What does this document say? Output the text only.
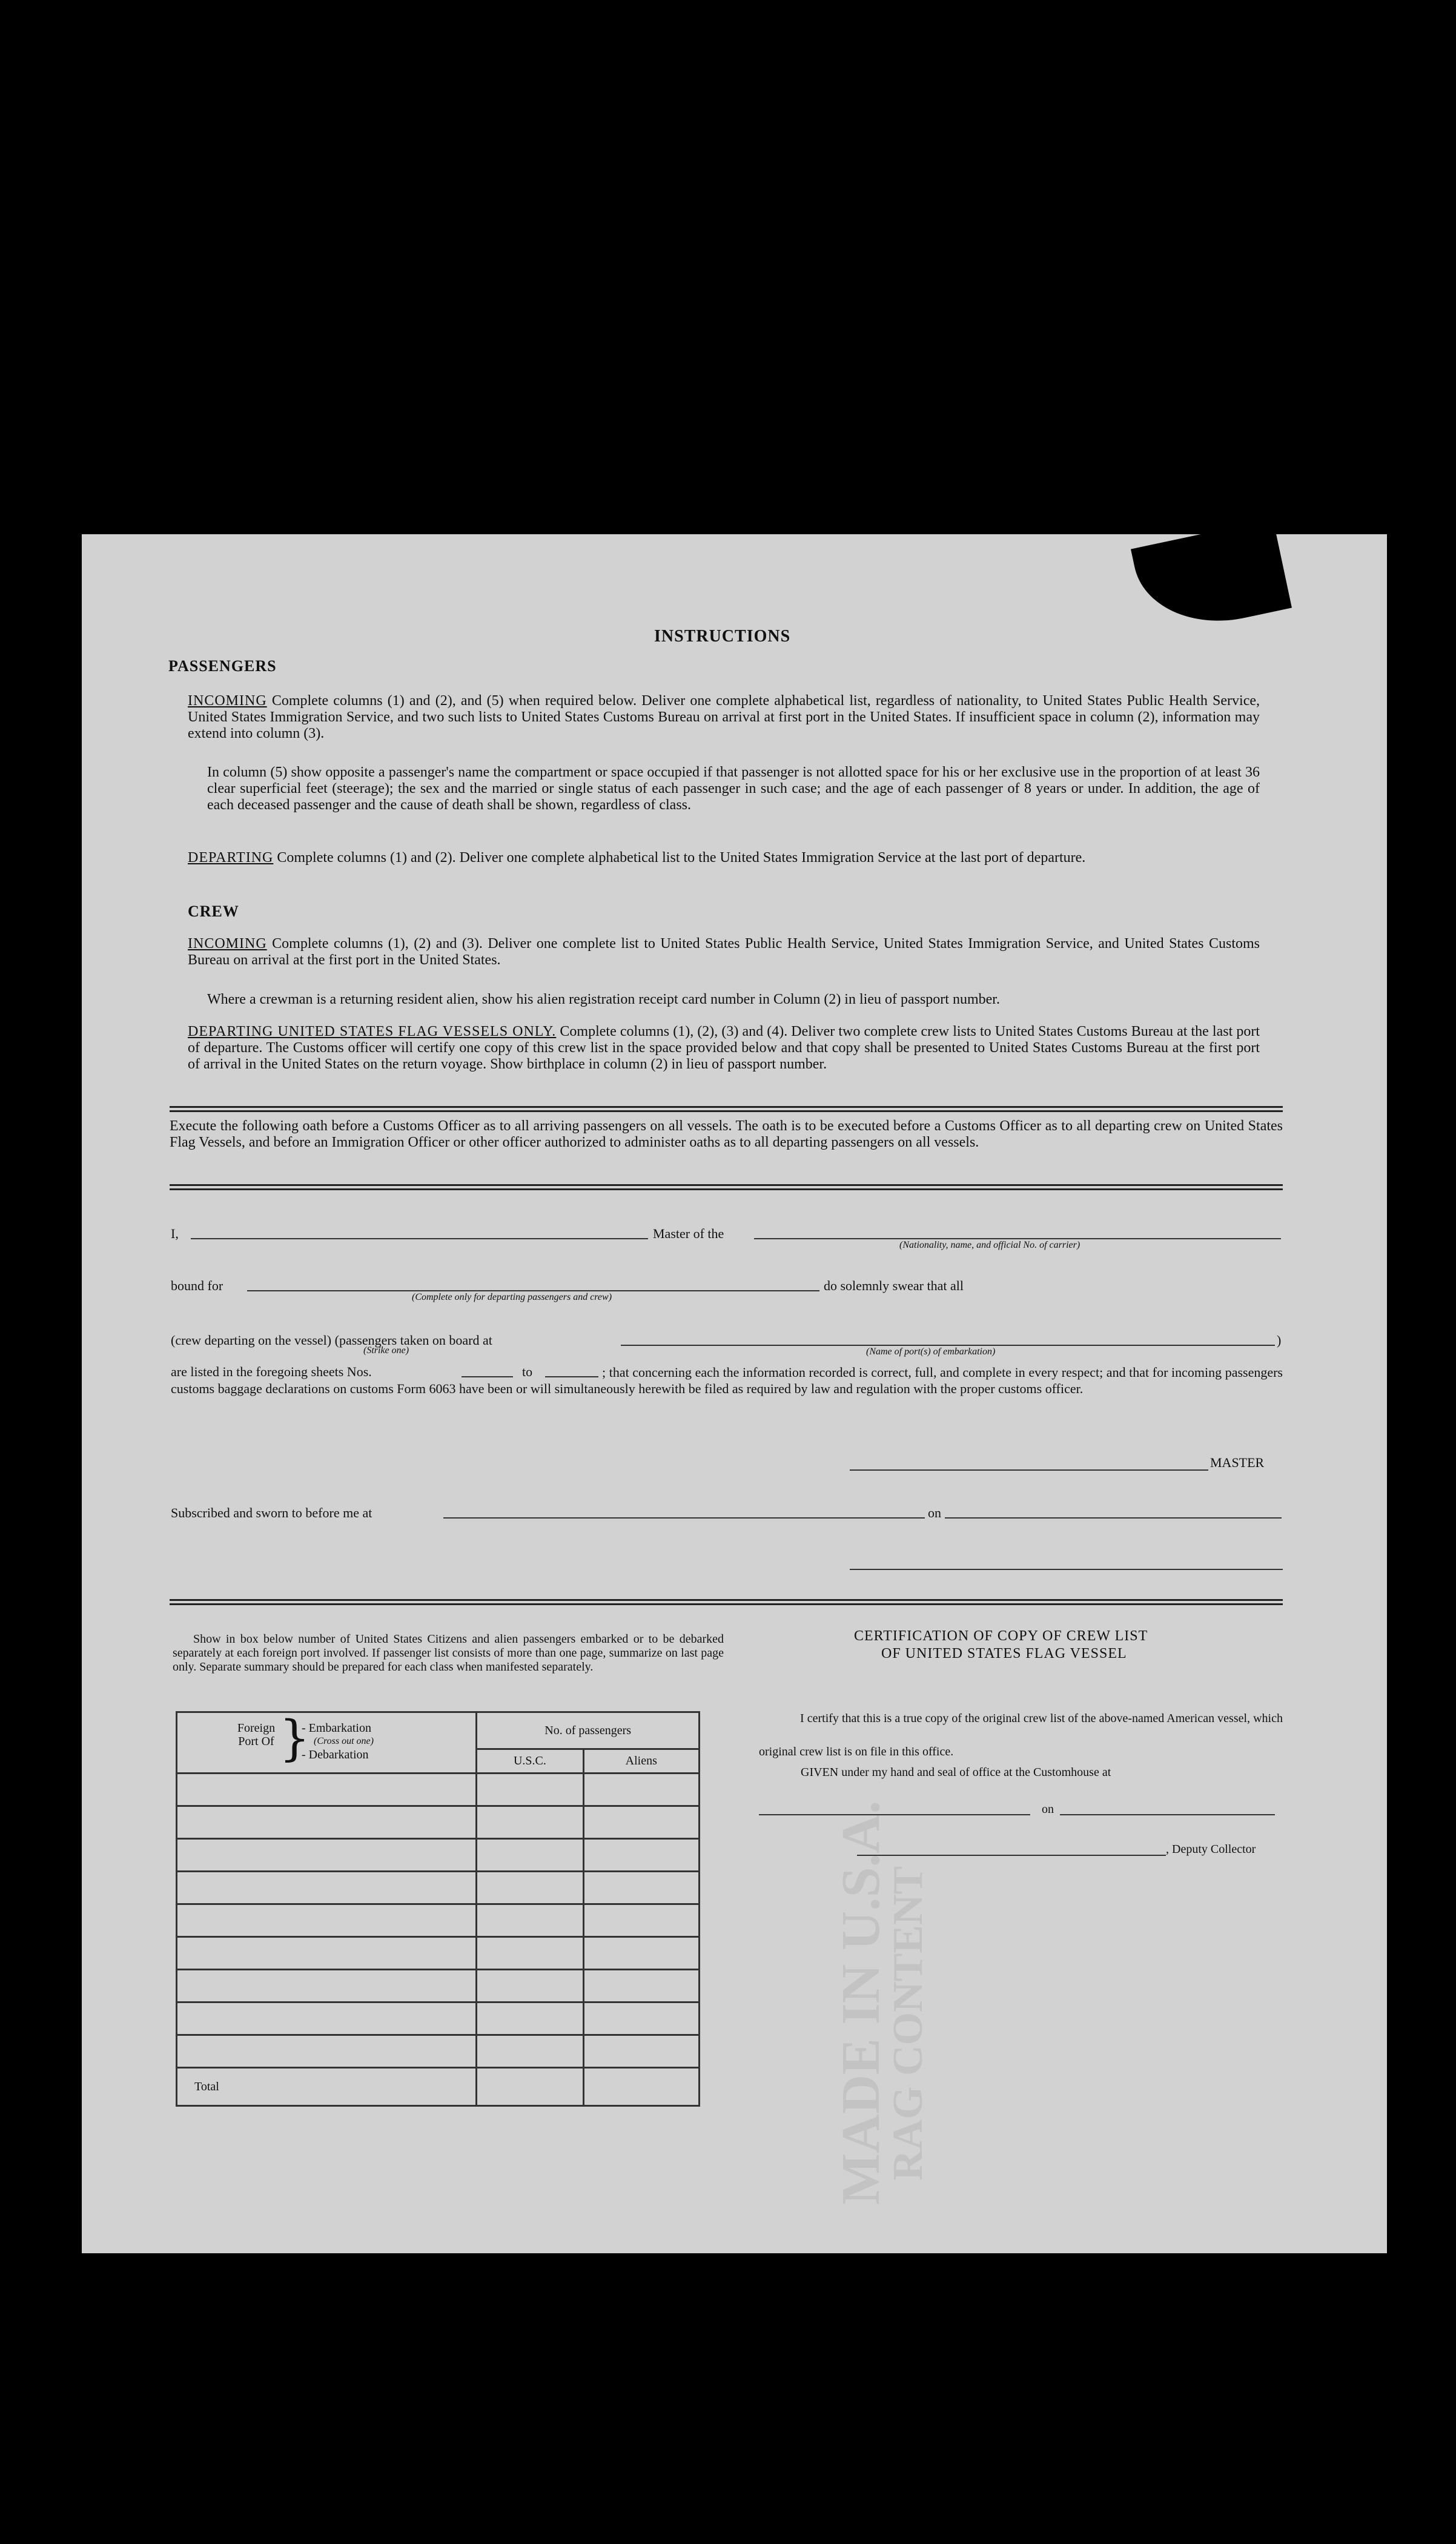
MADE IN U.S.A.
RAG CONTENT
INSTRUCTIONS
PASSENGERS
INCOMING Complete columns (1) and (2), and (5) when required below. Deliver one complete alphabetical list, regardless of nationality, to United States Public Health Service, United States Immigration Service, and two such lists to United States Customs Bureau on arrival at first port in the United States. If insufficient space in column (2), information may extend into column (3).
In column (5) show opposite a passenger's name the compartment or space occupied if that passenger is not allotted space for his or her exclusive use in the proportion of at least 36 clear superficial feet (steerage); the sex and the married or single status of each passenger in such case; and the age of each passenger of 8 years or under. In addition, the age of each deceased passenger and the cause of death shall be shown, regardless of class.
DEPARTING Complete columns (1) and (2). Deliver one complete alphabetical list to the United States Immigration Service at the last port of departure.
CREW
INCOMING Complete columns (1), (2) and (3). Deliver one complete list to United States Public Health Service, United States Immigration Service, and United States Customs Bureau on arrival at the first port in the United States.
Where a crewman is a returning resident alien, show his alien registration receipt card number in Column (2) in lieu of passport number.
DEPARTING UNITED STATES FLAG VESSELS ONLY. Complete columns (1), (2), (3) and (4). Deliver two complete crew lists to United States Customs Bureau at the last port of departure. The Customs officer will certify one copy of this crew list in the space provided below and that copy shall be presented to United States Customs Bureau at the first port of arrival in the United States on the return voyage. Show birthplace in column (2) in lieu of passport number.
Execute the following oath before a Customs Officer as to all arriving passengers on all vessels. The oath is to be executed before a Customs Officer as to all departing crew on United States Flag Vessels, and before an Immigration Officer or other officer authorized to administer oaths as to all departing passengers on all vessels.
I,	Master of the
(Nationality, name, and official No. of carrier)
bound for
(Complete only for departing passengers and crew)
do solemnly swear that all
(crew departing on the vessel) (passengers taken on board at
(Strike one)
)
(Name of port(s) of embarkation)
are listed in the foregoing sheets Nos.	to	; that concerning each the information recorded is correct, full, and complete in every respect; and that for incoming passengers customs baggage declarations on customs Form 6063 have been or will simultaneously herewith be filed as required by law and regulation with the proper customs officer.
MASTER
Subscribed and sworn to before me at	on
Show in box below number of United States Citizens and alien passengers embarked or to be debarked separately at each foreign port involved. If passenger list consists of more than one page, summarize on last page only. Separate summary should be prepared for each class when manifested separately.
Foreign Port Of }
- Embarkation
(Cross out one)
- Debarkation	No. of passengers	
	U.S.C.	Aliens

Total		
CERTIFICATION OF COPY OF CREW LIST
OF UNITED STATES FLAG VESSEL
I certify that this is a true copy of the original crew list of the above-named American vessel, which original crew list is on file in this office.
GIVEN under my hand and seal of office at the Customhouse at
on
, Deputy Collector
